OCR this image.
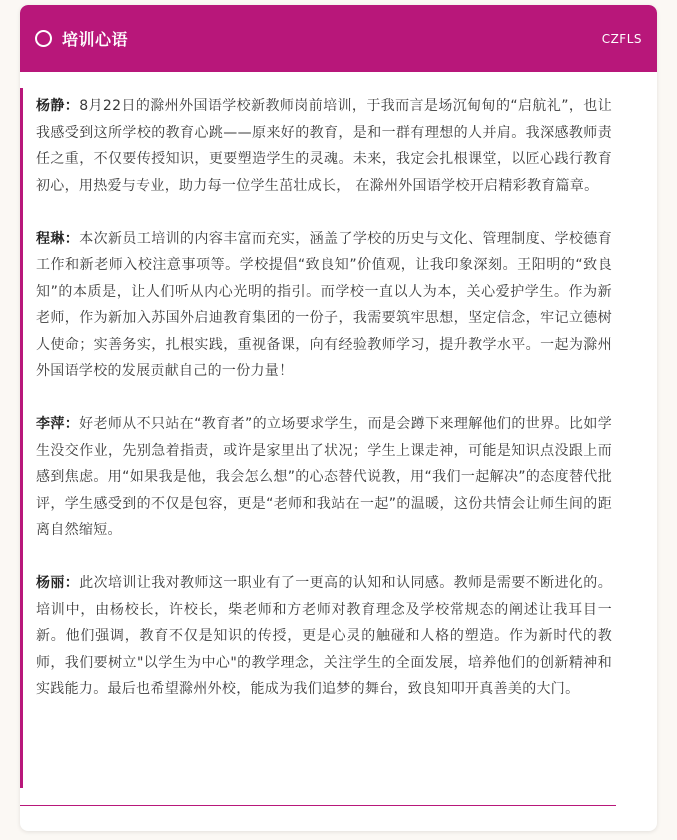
培训心语	CZFLS

杨静：8月22日的滁州外国语学校新教师岗前培训，于我而言是场沉甸甸的“启航礼”，也让我感受到这所学校的教育心跳——原来好的教育，是和一群有理想的人并肩。我深感教师责任之重，不仅要传授知识，更要塑造学生的灵魂。未来，我定会扎根课堂，以匠心践行教育初心，用热爱与专业，助力每一位学生茁壮成长， 在滁州外国语学校开启精彩教育篇章。

程琳：本次新员工培训的内容丰富而充实，涵盖了学校的历史与文化、管理制度、学校德育工作和新老师入校注意事项等。学校提倡“致良知”价值观，让我印象深刻。王阳明的“致良知”的本质是，让人们听从内心光明的指引。而学校一直以人为本，关心爱护学生。作为新老师，作为新加入苏国外启迪教育集团的一份子，我需要筑牢思想，坚定信念，牢记立德树人使命；实善务实，扎根实践，重视备课，向有经验教师学习，提升教学水平。一起为滁州外国语学校的发展贡献自己的一份力量！

李萍：好老师从不只站在“教育者”的立场要求学生，而是会蹲下来理解他们的世界。比如学生没交作业，先别急着指责，或许是家里出了状况；学生上课走神，可能是知识点没跟上而感到焦虑。用“如果我是他，我会怎么想”的心态替代说教，用“我们一起解决”的态度替代批评，学生感受到的不仅是包容，更是“老师和我站在一起”的温暖，这份共情会让师生间的距离自然缩短。

杨丽：此次培训让我对教师这一职业有了一更高的认知和认同感。教师是需要不断进化的。培训中，由杨校长，许校长，柴老师和方老师对教育理念及学校常规态的阐述让我耳目一新。他们强调，教育不仅是知识的传授，更是心灵的触碰和人格的塑造。作为新时代的教师，我们要树立"以学生为中心"的教学理念，关注学生的全面发展，培养他们的创新精神和实践能力。最后也希望滁州外校，能成为我们追梦的舞台，致良知叩开真善美的大门。
